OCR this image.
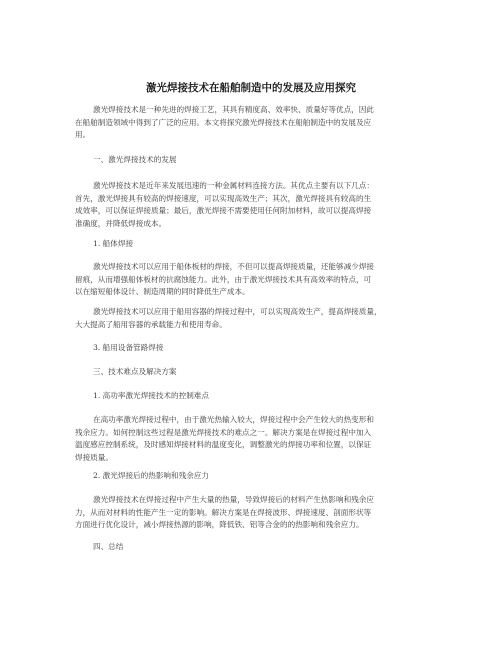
激光焊接技术在船舶制造中的发展及应用探究
激光焊接技术是一种先进的焊接工艺，其具有精度高、效率快、质量好等优点，因此
在船舶制造领域中得到了广泛的应用。本文将探究激光焊接技术在船舶制造中的发展及应
用。
一、激光焊接技术的发展
激光焊接技术是近年来发展迅速的一种金属材料连接方法。其优点主要有以下几点：
首先，激光焊接具有较高的焊接速度，可以实现高效生产；其次，激光焊接具有较高的生
成效率，可以保证焊接质量；最后，激光焊接不需要使用任何附加材料，故可以提高焊接
准确度，并降低焊接成本。
1. 船体焊接
激光焊接技术可以应用于船体板材的焊接，不但可以提高焊接质量，还能够减少焊接
留痕，从而增强船体板材的抗腐蚀能力。此外，由于激光焊接技术具有高效率的特点，可
以在缩短船体设计、制造周期的同时降低生产成本。
激光焊接技术可以应用于船用容器的焊接过程中，可以实现高效生产，提高焊接质量，
大大提高了船用容器的承载能力和使用寿命。
3. 船用设备管路焊接
三、技术难点及解决方案
1. 高功率激光焊接技术的控制难点
在高功率激光焊接过程中，由于激光热输入较大，焊接过程中会产生较大的热变形和
残余应力。如何控制这些过程是激光焊接技术的难点之一。解决方案是在焊接过程中加入
温度感应控制系统，及时感知焊接材料的温度变化，调整激光的焊接功率和位置，以保证
焊接质量。
2. 激光焊接后的热影响和残余应力
激光焊接技术在焊接过程中产生大量的热量，导致焊接后的材料产生热影响和残余应
力，从而对材料的性能产生一定的影响。解决方案是在焊接波形、焊接速度、剖面形状等
方面进行优化设计，减小焊接热源的影响，降低铁、铝等合金的的热影响和残余应力。
四、总结
